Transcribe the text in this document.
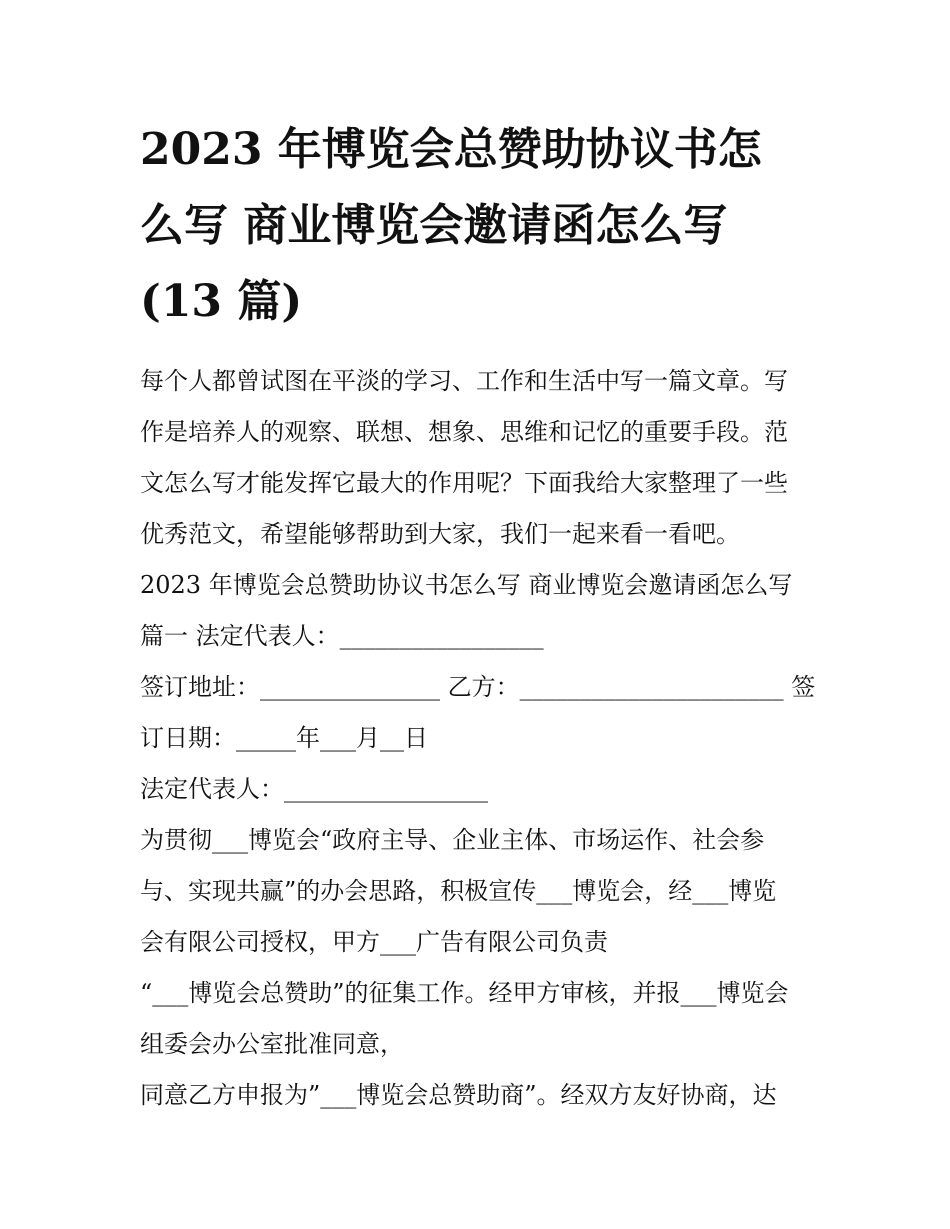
2023 年博览会总赞助协议书怎
么写 商业博览会邀请函怎么写
(13 篇)
每个人都曾试图在平淡的学习、工作和生活中写一篇文章。写
作是培养人的观察、联想、想象、思维和记忆的重要手段。范
文怎么写才能发挥它最大的作用呢？下面我给大家整理了一些
优秀范文，希望能够帮助到大家，我们一起来看一看吧。
2023 年博览会总赞助协议书怎么写 商业博览会邀请函怎么写
篇一 法定代表人：_________________
签订地址：_______________ 乙方：______________________ 签
订日期：_____年___月__日
法定代表人：_________________
为贯彻___博览会“政府主导、企业主体、市场运作、社会参
与、实现共赢”的办会思路，积极宣传___博览会，经___博览
会有限公司授权，甲方___广告有限公司负责
“___博览会总赞助”的征集工作。经甲方审核，并报___博览会
组委会办公室批准同意，
同意乙方申报为”___博览会总赞助商”。经双方友好协商，达
